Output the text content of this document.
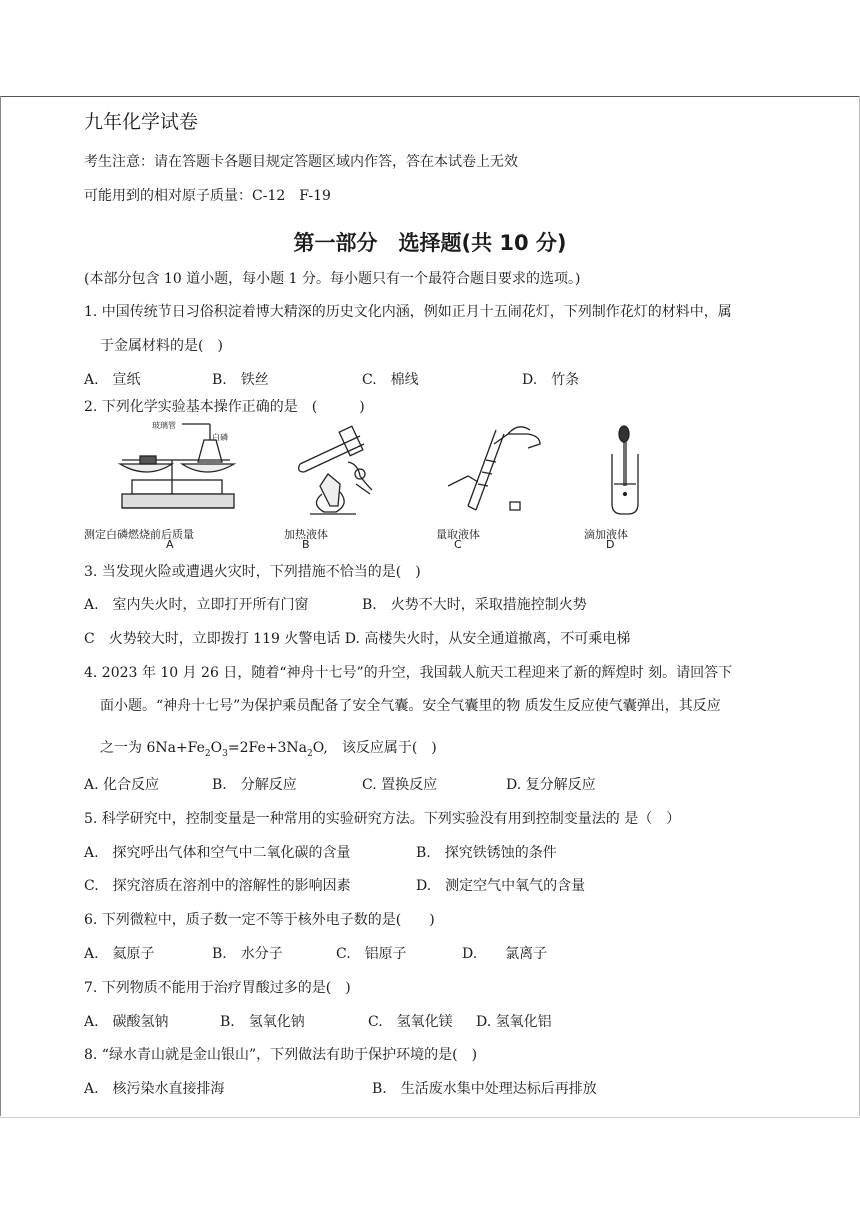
九年化学试卷
考生注意：请在答题卡各题目规定答题区域内作答，答在本试卷上无效
可能用到的相对原子质量：C-12　F-19
第一部分　选择题(共 10 分)
(本部分包含 10 道小题，每小题 1 分。每小题只有一个最符合题目要求的选项。)
1. 中国传统节日习俗积淀着博大精深的历史文化内涵，例如正月十五闹花灯，下列制作花灯的材料中，属
于金属材料的是(　)
A.　宣纸	B.　铁丝	C.　棉线	D.　竹条
2. 下列化学实验基本操作正确的是　(　　　)
玻璃管
白磷
测定白磷燃烧前后质量
A
加热液体
B
量取液体
C
滴加液体
D
3. 当发现火险或遭遇火灾时，下列措施不恰当的是(　)
A.　室内失火时，立即打开所有门窗	B.　火势不大时，采取措施控制火势
C　火势较大时，立即拨打 119 火警电话 D. 高楼失火时，从安全通道撤离，不可乘电梯
4. 2023 年 10 月 26 日，随着“神舟十七号”的升空，我国载人航天工程迎来了新的辉煌时 刻。请回答下
面小题。“神舟十七号”为保护乘员配备了安全气囊。安全气囊里的物 质发生反应使气囊弹出，其反应
之一为 $6Na+Fe_2O_3=2Fe+3Na_2O$,　该反应属于(　)
A. 化合反应	B.　分解反应	C. 置换反应	D. 复分解反应
5. 科学研究中，控制变量是一种常用的实验研究方法。下列实验没有用到控制变量法的 是（　）
A.　探究呼出气体和空气中二氧化碳的含量	B.　探究铁锈蚀的条件
C.　探究溶质在溶剂中的溶解性的影响因素	D.　测定空气中氧气的含量
6. 下列微粒中，质子数一定不等于核外电子数的是(　　)
A.　氦原子	B.　水分子	C.　铝原子	D.　　氯离子
7. 下列物质不能用于治疗胃酸过多的是(　)
A.　碳酸氢钠	B.　氢氧化钠	C.　氢氧化镁 D. 氢氧化铝
8. “绿水青山就是金山银山”，下列做法有助于保护环境的是(　)
A.　核污染水直接排海	B.　生活废水集中处理达标后再排放
